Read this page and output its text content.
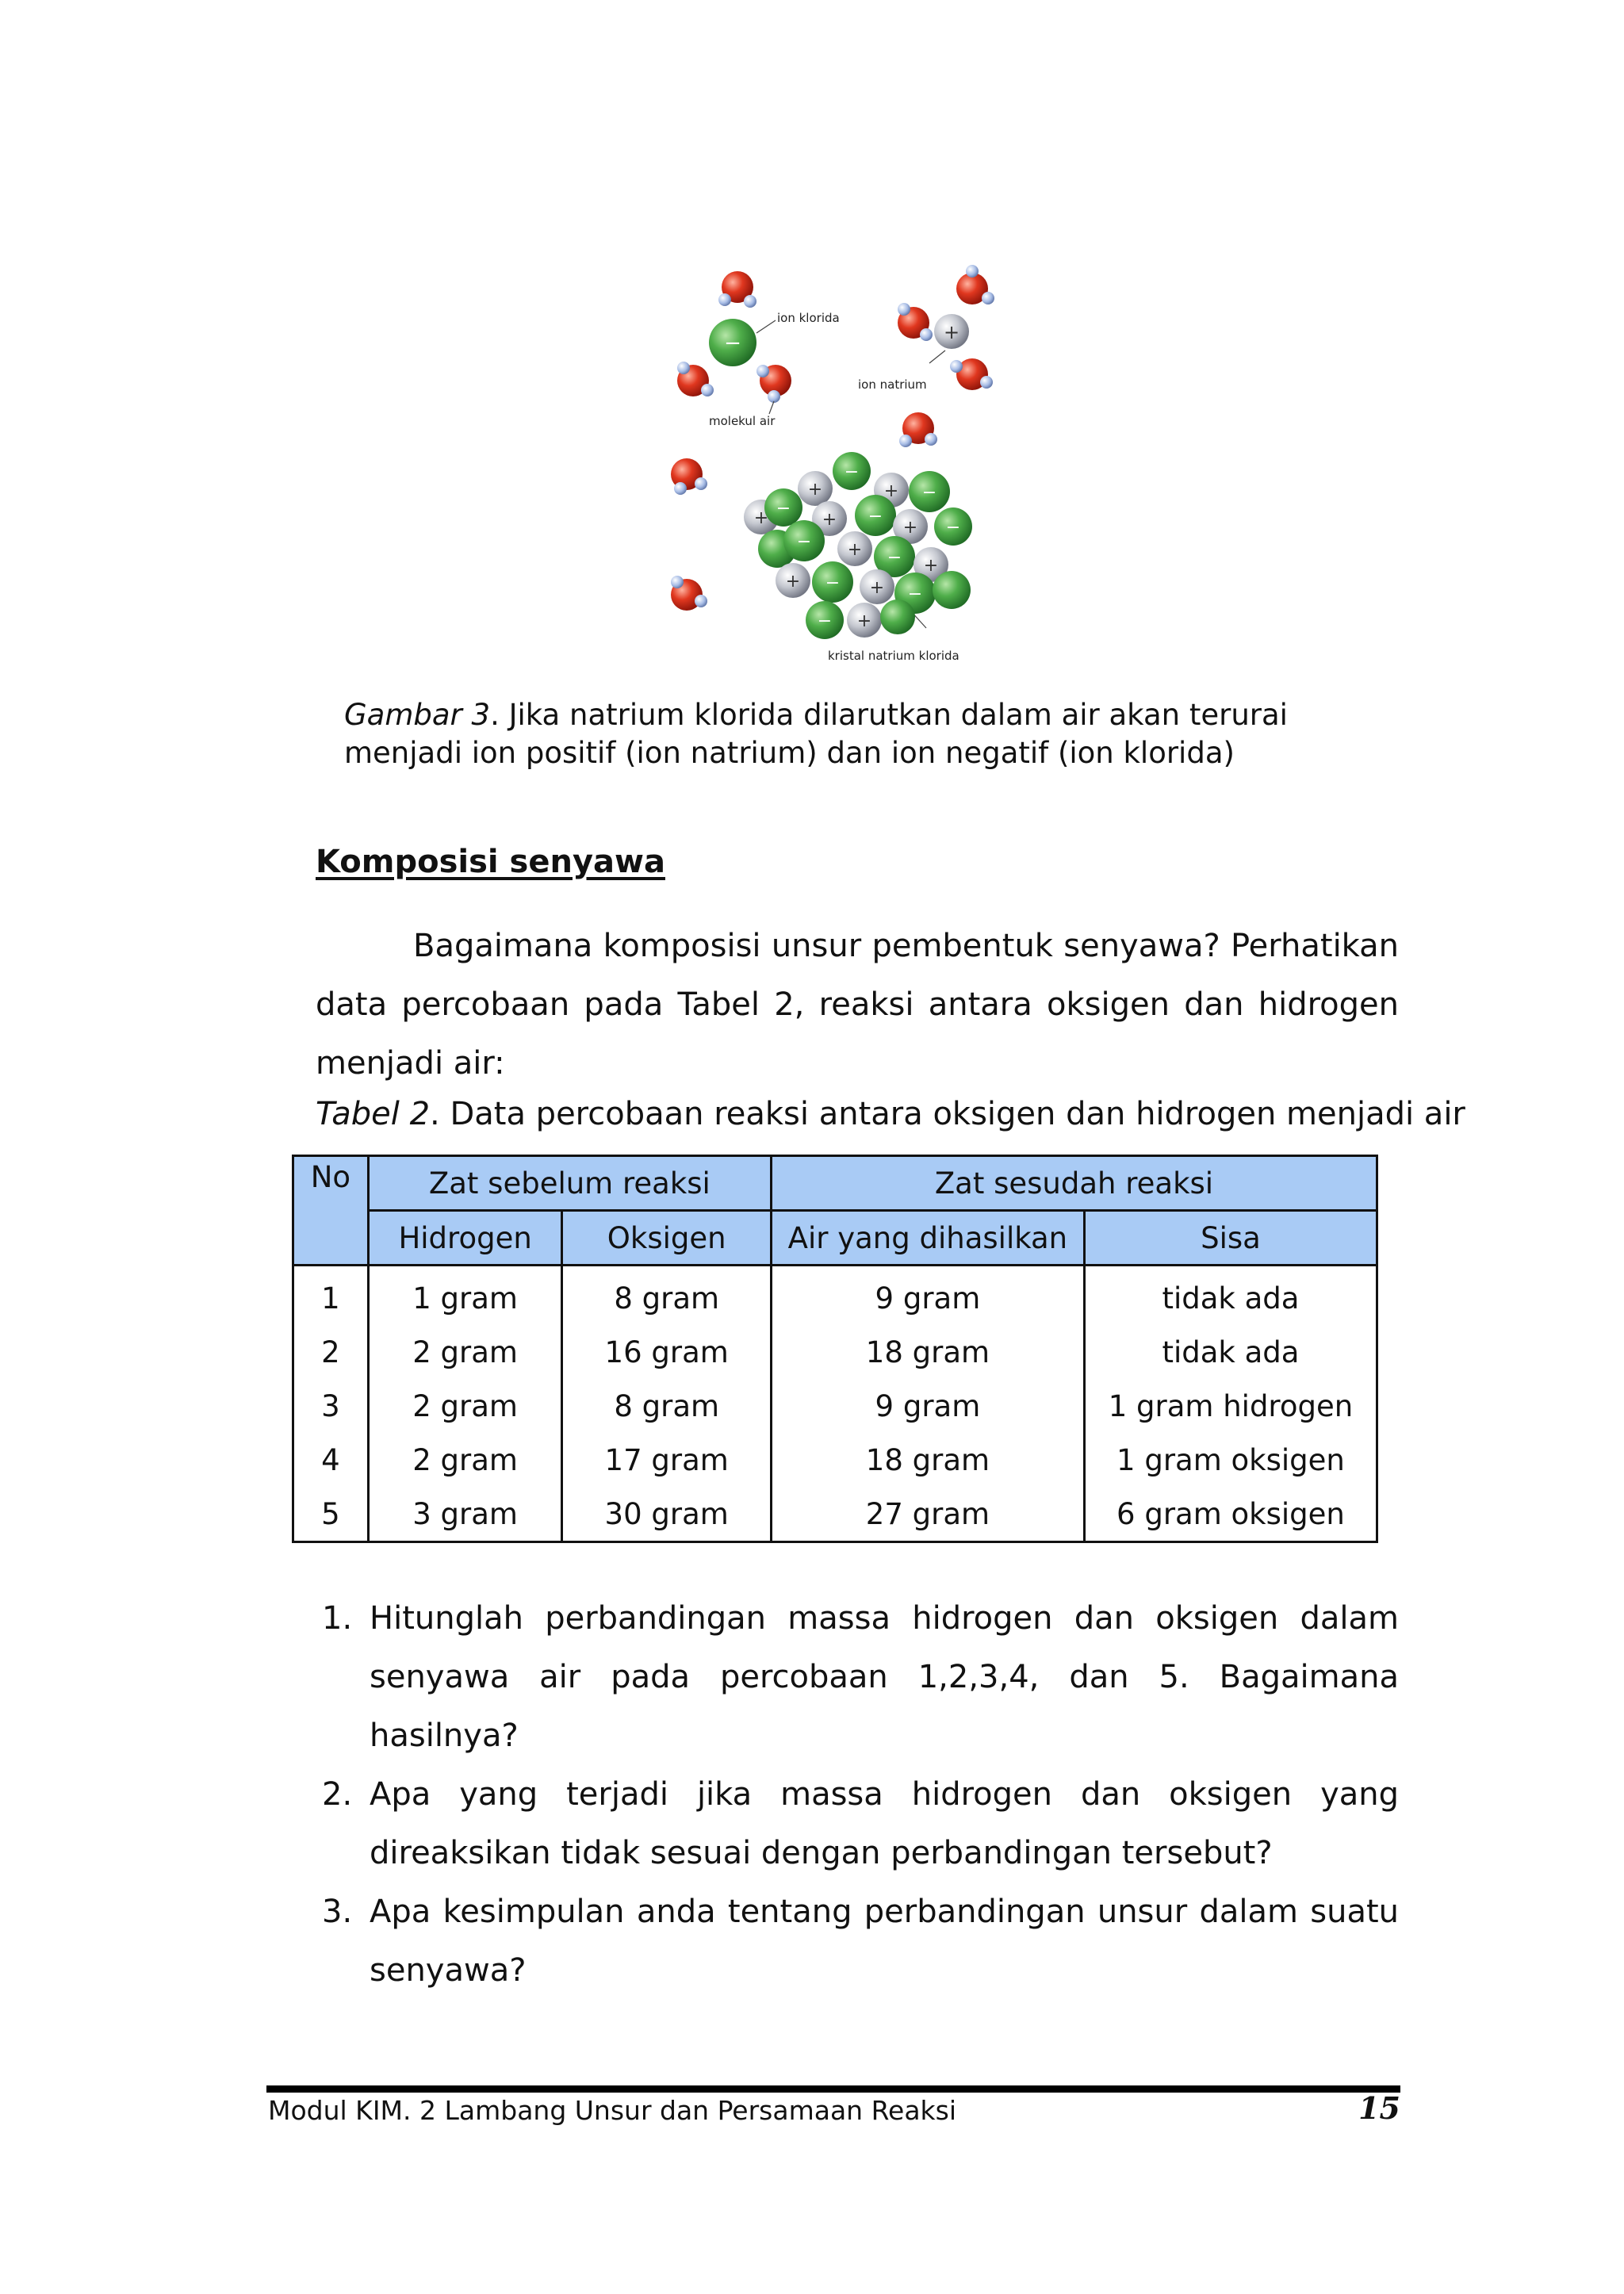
−	+
ion klorida
ion natrium
molekul air
kristal natrium klorida
+	+
+	+
+
+
+	+
+
+
−
−
−	−
−
−
−
−
−
−
Gambar 3. Jika natrium klorida dilarutkan dalam air akan terurai menjadi ion positif (ion natrium) dan ion negatif (ion klorida)
Komposisi senyawa

Bagaimana komposisi unsur pembentuk senyawa? Perhatikan data percobaan pada Tabel 2, reaksi antara oksigen dan hidrogen menjadi air:

Tabel 2. Data percobaan reaksi antara oksigen dan hidrogen menjadi air
No	Zat sebelum reaksi		Zat sesudah reaksi	
	Hidrogen	Oksigen	Air yang dihasilkan	Sisa
1	1 gram	8 gram	9 gram	tidak ada
2	2 gram	16 gram	18 gram	tidak ada
3	2 gram	8 gram	9 gram	1 gram hidrogen
4	2 gram	17 gram	18 gram	1 gram oksigen
5	3 gram	30 gram	27 gram	6 gram oksigen
1. Hitunglah perbandingan massa hidrogen dan oksigen dalam senyawa air pada percobaan 1,2,3,4, dan 5. Bagaimana hasilnya?
2. Apa yang terjadi jika massa hidrogen dan oksigen yang direaksikan tidak sesuai dengan perbandingan tersebut?
3. Apa kesimpulan anda tentang perbandingan unsur dalam suatu senyawa?
Modul KIM. 2 Lambang Unsur dan Persamaan Reaksi	15
